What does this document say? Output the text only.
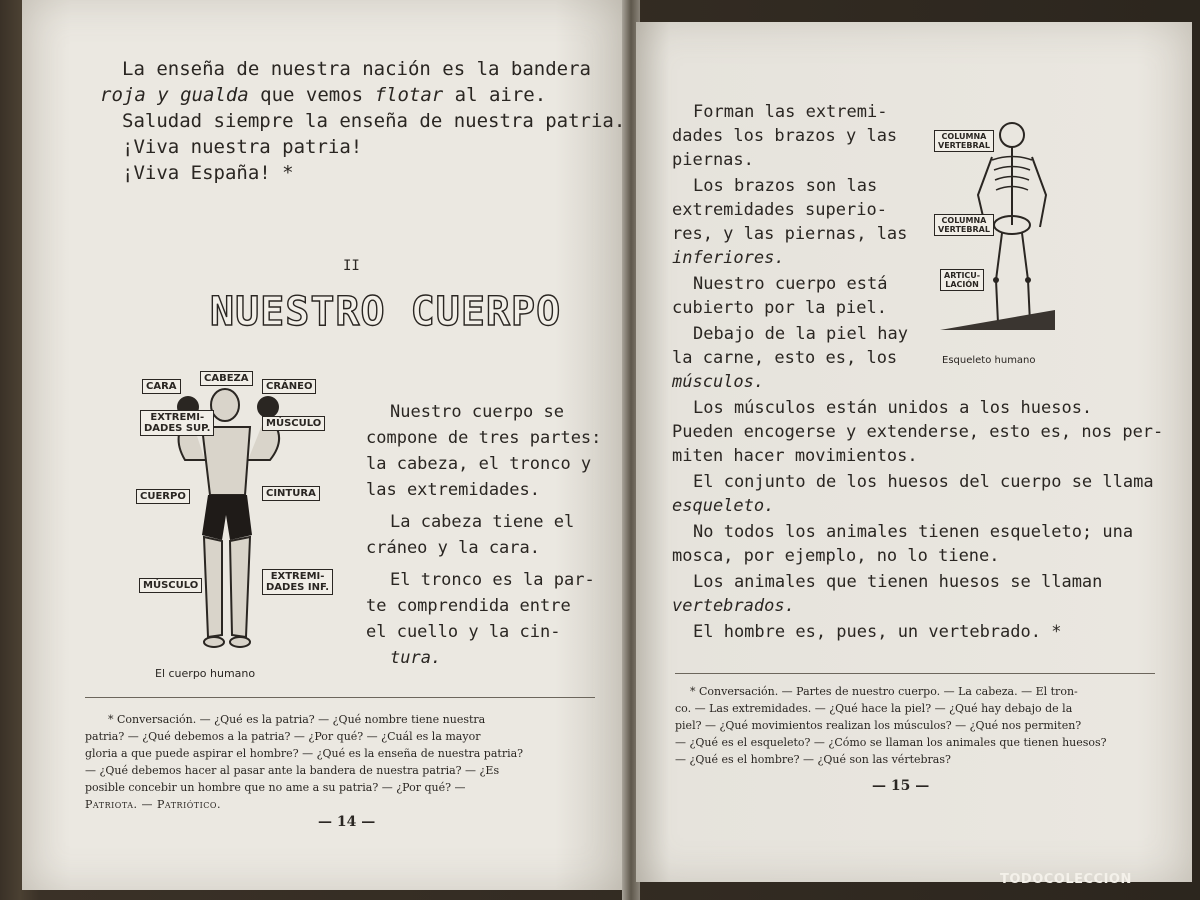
La enseña de nuestra nación es la bandera
roja y gualda que vemos flotar al aire.
Saludad siempre la enseña de nuestra patria.
¡Viva nuestra patria!
¡Viva España! *
II
NUESTRO CUERPO
CARA
CABEZA
CRÁNEO
EXTREMI-
DADES SUP.	MÚSCULO
CUERPO	CINTURA
MÚSCULO
EXTREMI-
DADES INF.
El cuerpo humano
Nuestro cuerpo se
compone de tres partes:
la cabeza, el tronco y
las extremidades.
La cabeza tiene el
cráneo y la cara.
El tronco es la par-
te comprendida entre
el cuello y la cin-
tura.
* Conversación. — ¿Qué es la patria? — ¿Qué nombre tiene nuestra
patria? — ¿Qué debemos a la patria? — ¿Por qué? — ¿Cuál es la mayor
gloria a que puede aspirar el hombre? — ¿Qué es la enseña de nuestra patria?
— ¿Qué debemos hacer al pasar ante la bandera de nuestra patria? — ¿Es
posible concebir un hombre que no ame a su patria? — ¿Por qué? —
Patriota. — Patriótico.
— 14 —
Forman las extremi-
dades los brazos y las
piernas.
Los brazos son las
extremidades superio-
res, y las piernas, las
inferiores.
Nuestro cuerpo está
cubierto por la piel.
Debajo de la piel hay
la carne, esto es, los
músculos.
COLUMNA
VERTEBRAL
COLUMNA
VERTEBRAL
ARTICU-
LACIÓN
Esqueleto humano
Los músculos están unidos a los huesos.
Pueden encogerse y extenderse, esto es, nos per-
miten hacer movimientos.
El conjunto de los huesos del cuerpo se llama
esqueleto.
No todos los animales tienen esqueleto; una
mosca, por ejemplo, no lo tiene.
Los animales que tienen huesos se llaman
vertebrados.
El hombre es, pues, un vertebrado. *
* Conversación. — Partes de nuestro cuerpo. — La cabeza. — El tron-
co. — Las extremidades. — ¿Qué hace la piel? — ¿Qué hay debajo de la
piel? — ¿Qué movimientos realizan los músculos? — ¿Qué nos permiten?
— ¿Qué es el esqueleto? — ¿Cómo se llaman los animales que tienen huesos?
— ¿Qué es el hombre? — ¿Qué son las vértebras?
— 15 —
TODOCOLECCION
